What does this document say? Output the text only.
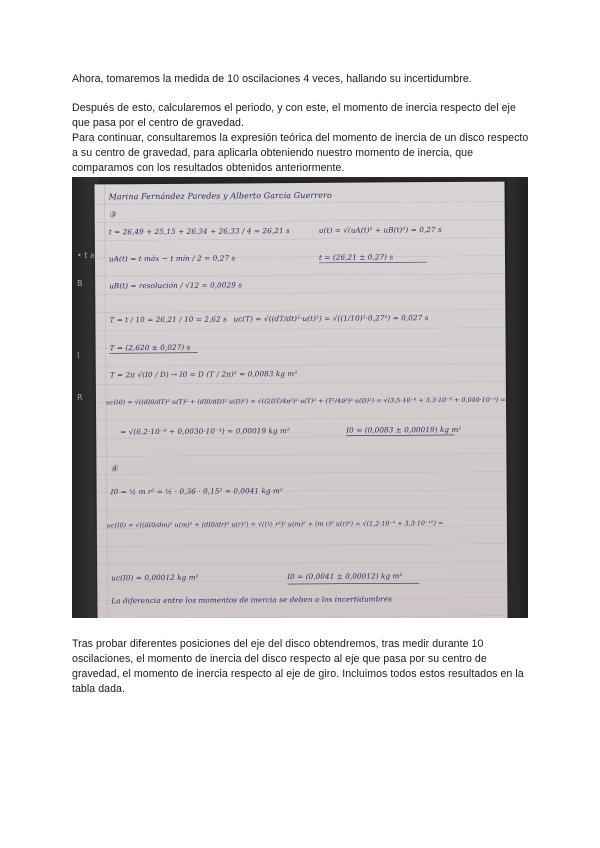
Ahora, tomaremos la medida de 10 oscilaciones 4 veces, hallando su incertidumbre.

Después de esto, calcularemos el periodo, y con este, el momento de inercia respecto del eje que pasa por el centro de gravedad.

Para continuar, consultaremos la expresión teórica del momento de inercia de un disco respecto a su centro de gravedad, para aplicarla obteniendo nuestro momento de inercia, que comparamos con los resultados obtenidos anteriormente.

• t a
B
I
R
Marina Fernández Paredes y Alberto García Guerrero
③
t = 26,49 + 25,15 + 26,34 + 26,33 / 4 = 26,21 s	u(t) = √(uA(t)² + uB(t)²) = 0,27 s
uA(t) = t máx − t mín / 2 = 0,27 s	t = (26,21 ± 0,27) s
uB(t) = resolución / √12 = 0,0029 s
T = t / 10 = 26,21 / 10 = 2,62 s uc(T) = √((dT/dt)²·u(t)²) = √((1/10)²·0,27²) = 0,027 s
T = (2,620 ± 0,027) s
T = 2π √(I0 / D) → I0 = D (T / 2π)² = 0,0083 kg m²
uc(I0) = √((dI0/dT)² u(T)² + (dI0/dD)² u(D)²) = √((2DT/4π²)² u(T)² + (T²/4π²)² u(D)²) = √(3,5·10⁻⁶ + 3,3·10⁻⁹ + 0,040·10⁻⁵) =
= √(6,2·10⁻⁸ + 0,0030·10⁻⁴) = 0,00019 kg m²	I0 = (0,0083 ± 0,00019) kg m²
④
I0 = ½ m r² = ½ · 0,36 · 0,15² = 0,0041 kg m²
uc(I0) = √((dI0/dm)² u(m)² + (dI0/dr)² u(r)²) = √((½ r²)² u(m)² + (m r)² u(r)²) = √(1,2·10⁻⁸ + 3,3·10⁻¹⁰) =
uc(I0) = 0,00012 kg m²	I0 = (0,0041 ± 0,00012) kg m²
La diferencia entre los momentos de inercia se deben a los incertidumbres

Tras probar diferentes posiciones del eje del disco obtendremos, tras medir durante 10 oscilaciones, el momento de inercia del disco respecto al eje que pasa por su centro de gravedad, el momento de inercia respecto al eje de giro. Incluimos todos estos resultados en la tabla dada.
